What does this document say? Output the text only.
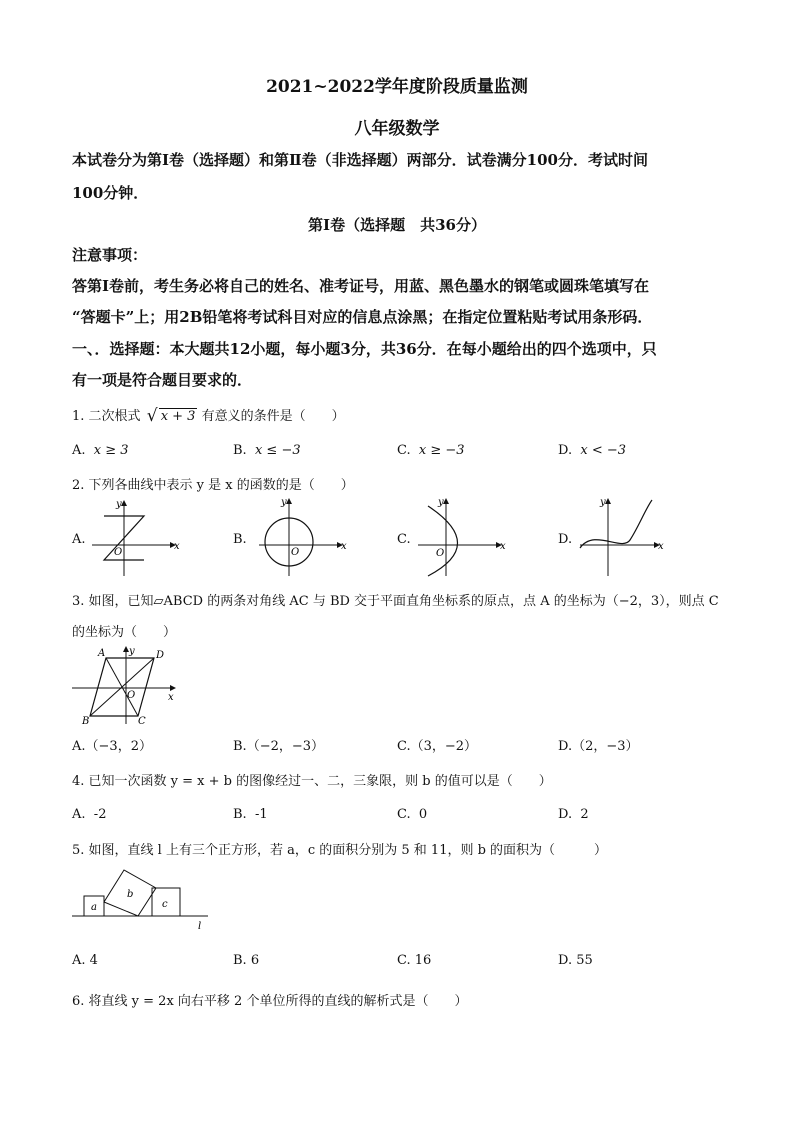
2021~2022学年度阶段质量监测
八年级数学
本试卷分为第Ⅰ卷（选择题）和第Ⅱ卷（非选择题）两部分．试卷满分100分．考试时间
100分钟．
第Ⅰ卷（选择题　共36分）
注意事项：
答第Ⅰ卷前，考生务必将自己的姓名、准考证号，用蓝、黑色墨水的钢笔或圆珠笔填写在
“答题卡”上；用2B铅笔将考试科目对应的信息点涂黑；在指定位置粘贴考试用条形码．
一、．选择题：本大题共12小题，每小题3分，共36分．在每小题给出的四个选项中，只
有一项是符合题目要求的．
1. 二次根式 √ x + 3 有意义的条件是（　　）
A. x ≥ 3	B. x ≤ −3	C. x ≥ −3	D. x < −3
2. 下列各曲线中表示 y 是 x 的函数的是（　　）
A.	x
y
O
B.	x
y
O
C.	x
y
O
D.	x
y
3. 如图，已知▱ABCD 的两条对角线 AC 与 BD 交于平面直角坐标系的原点，点 A 的坐标为（−2，3），则点 C
的坐标为（　　）
A	D
B	C
O	x
y
A.（−3，2）	B.（−2，−3）	C.（3，−2）	D.（2，−3）
4. 已知一次函数 y = x + b 的图像经过一、二，三象限，则 b 的值可以是（　　）
A. -2	B. -1	C. 0	D. 2
5. 如图，直线 l 上有三个正方形，若 a，c 的面积分别为 5 和 11，则 b 的面积为（　　　）
a
b
c
l
A. 4	B. 6	C. 16	D. 55
6. 将直线 y = 2x 向右平移 2 个单位所得的直线的解析式是（　　）
